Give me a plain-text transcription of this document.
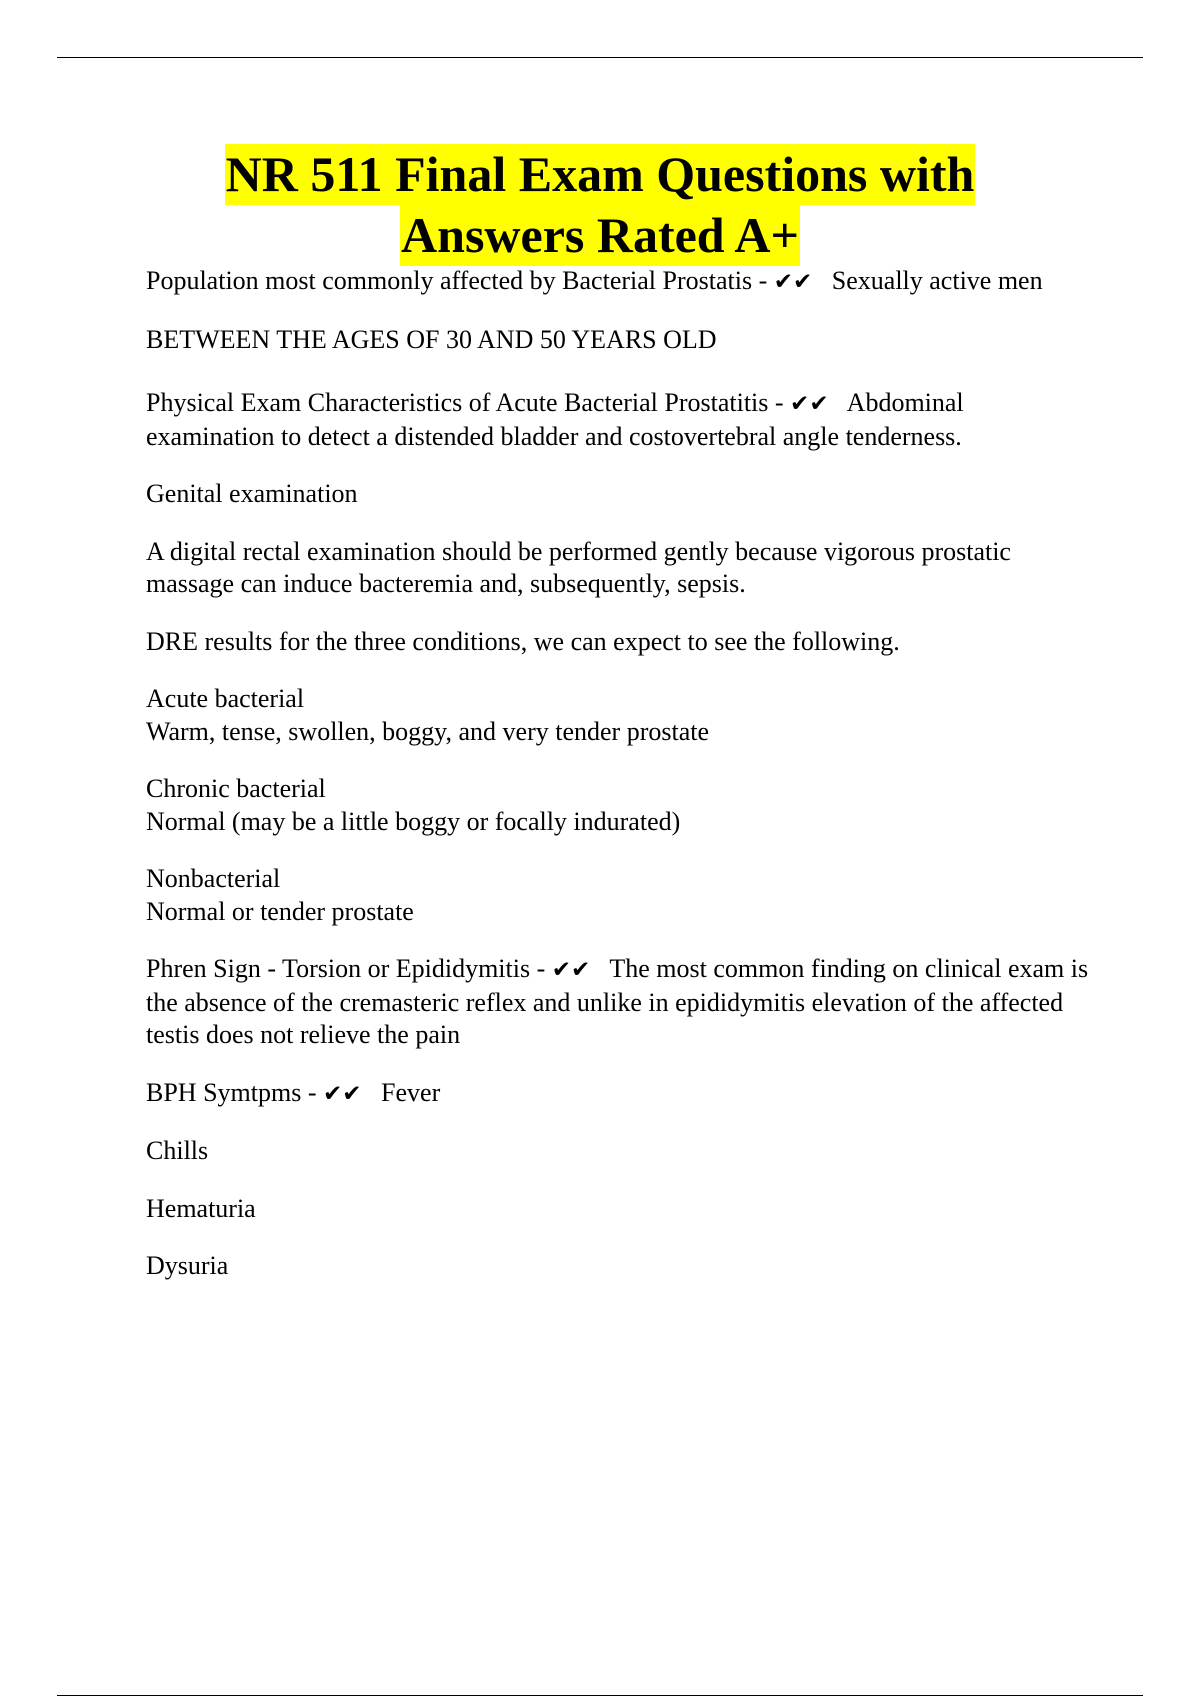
NR 511 Final Exam Questions with
Answers Rated A+

Population most commonly affected by Bacterial Prostatis - ✔✔ Sexually active men

BETWEEN THE AGES OF 30 AND 50 YEARS OLD

Physical Exam Characteristics of Acute Bacterial Prostatitis - ✔✔ Abdominal examination to detect a distended bladder and costovertebral angle tenderness.

Genital examination

A digital rectal examination should be performed gently because vigorous prostatic massage can induce bacteremia and, subsequently, sepsis.

DRE results for the three conditions, we can expect to see the following.

Acute bacterial

Warm, tense, swollen, boggy, and very tender prostate

Chronic bacterial

Normal (may be a little boggy or focally indurated)

Nonbacterial

Normal or tender prostate

Phren Sign - Torsion or Epididymitis - ✔✔ The most common finding on clinical exam is the absence of the cremasteric reflex and unlike in epididymitis elevation of the affected testis does not relieve the pain

BPH Symtpms - ✔✔ Fever

Chills

Hematuria

Dysuria
